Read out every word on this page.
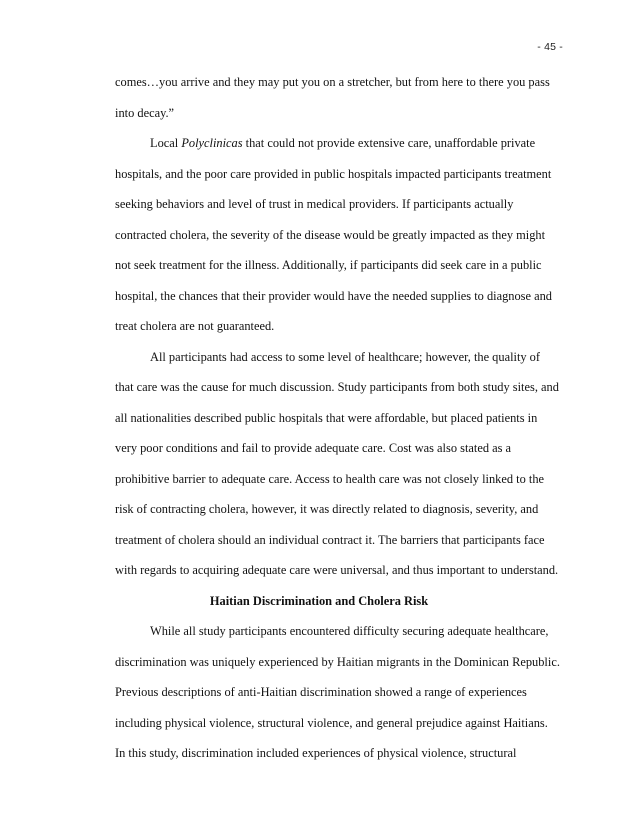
- 45 -
comes…you arrive and they may put you on a stretcher, but from here to there you pass
into decay.”
Local Polyclinicas that could not provide extensive care, unaffordable private
hospitals, and the poor care provided in public hospitals impacted participants treatment
seeking behaviors and level of trust in medical providers. If participants actually
contracted cholera, the severity of the disease would be greatly impacted as they might
not seek treatment for the illness. Additionally, if participants did seek care in a public
hospital, the chances that their provider would have the needed supplies to diagnose and
treat cholera are not guaranteed.
All participants had access to some level of healthcare; however, the quality of
that care was the cause for much discussion. Study participants from both study sites, and
all nationalities described public hospitals that were affordable, but placed patients in
very poor conditions and fail to provide adequate care. Cost was also stated as a
prohibitive barrier to adequate care. Access to health care was not closely linked to the
risk of contracting cholera, however, it was directly related to diagnosis, severity, and
treatment of cholera should an individual contract it. The barriers that participants face
with regards to acquiring adequate care were universal, and thus important to understand.
Haitian Discrimination and Cholera Risk
While all study participants encountered difficulty securing adequate healthcare,
discrimination was uniquely experienced by Haitian migrants in the Dominican Republic.
Previous descriptions of anti-Haitian discrimination showed a range of experiences
including physical violence, structural violence, and general prejudice against Haitians.
In this study, discrimination included experiences of physical violence, structural
